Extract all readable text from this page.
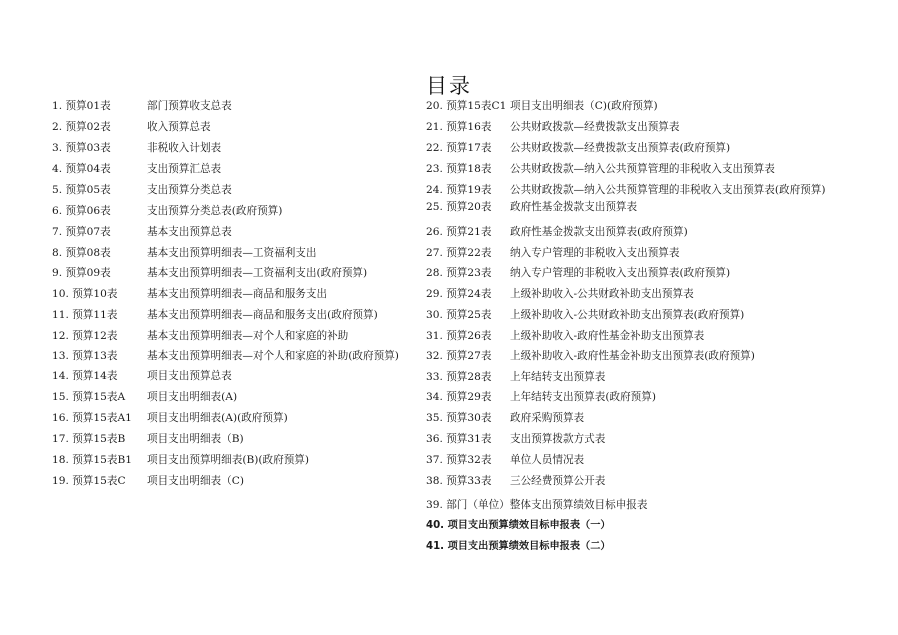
目录
1. 预算01表	部门预算收支总表
2. 预算02表	收入预算总表
3. 预算03表	非税收入计划表
4. 预算04表	支出预算汇总表
5. 预算05表	支出预算分类总表
6. 预算06表	支出预算分类总表(政府预算)
7. 预算07表	基本支出预算总表
8. 预算08表	基本支出预算明细表—工资福利支出
9. 预算09表	基本支出预算明细表—工资福利支出(政府预算)
10. 预算10表	基本支出预算明细表—商品和服务支出
11. 预算11表	基本支出预算明细表—商品和服务支出(政府预算)
12. 预算12表	基本支出预算明细表—对个人和家庭的补助
13. 预算13表	基本支出预算明细表—对个人和家庭的补助(政府预算)
14. 预算14表	项目支出预算总表
15. 预算15表A 项目支出明细表(A)
16. 预算15表A1 项目支出明细表(A)(政府预算)
17. 预算15表B 项目支出明细表（B)
18. 预算15表B1 项目支出预算明细表(B)(政府预算)
19. 预算15表C 项目支出明细表（C)
20. 预算15表C1 项目支出明细表（C)(政府预算)
21. 预算16表 公共财政拨款—经费拨款支出预算表
22. 预算17表 公共财政拨款—经费拨款支出预算表(政府预算)
23. 预算18表 公共财政拨款—纳入公共预算管理的非税收入支出预算表
24. 预算19表 公共财政拨款—纳入公共预算管理的非税收入支出预算表(政府预算)
25. 预算20表 政府性基金拨款支出预算表
26. 预算21表 政府性基金拨款支出预算表(政府预算)
27. 预算22表 纳入专户管理的非税收入支出预算表
28. 预算23表 纳入专户管理的非税收入支出预算表(政府预算)
29. 预算24表 上级补助收入-公共财政补助支出预算表
30. 预算25表 上级补助收入-公共财政补助支出预算表(政府预算)
31. 预算26表 上级补助收入-政府性基金补助支出预算表
32. 预算27表 上级补助收入-政府性基金补助支出预算表(政府预算)
33. 预算28表 上年结转支出预算表
34. 预算29表 上年结转支出预算表(政府预算)
35. 预算30表 政府采购预算表
36. 预算31表 支出预算拨款方式表
37. 预算32表 单位人员情况表
38. 预算33表 三公经费预算公开表
39. 部门（单位）整体支出预算绩效目标申报表
40. 项目支出预算绩效目标申报表（一）
41. 项目支出预算绩效目标申报表（二）
